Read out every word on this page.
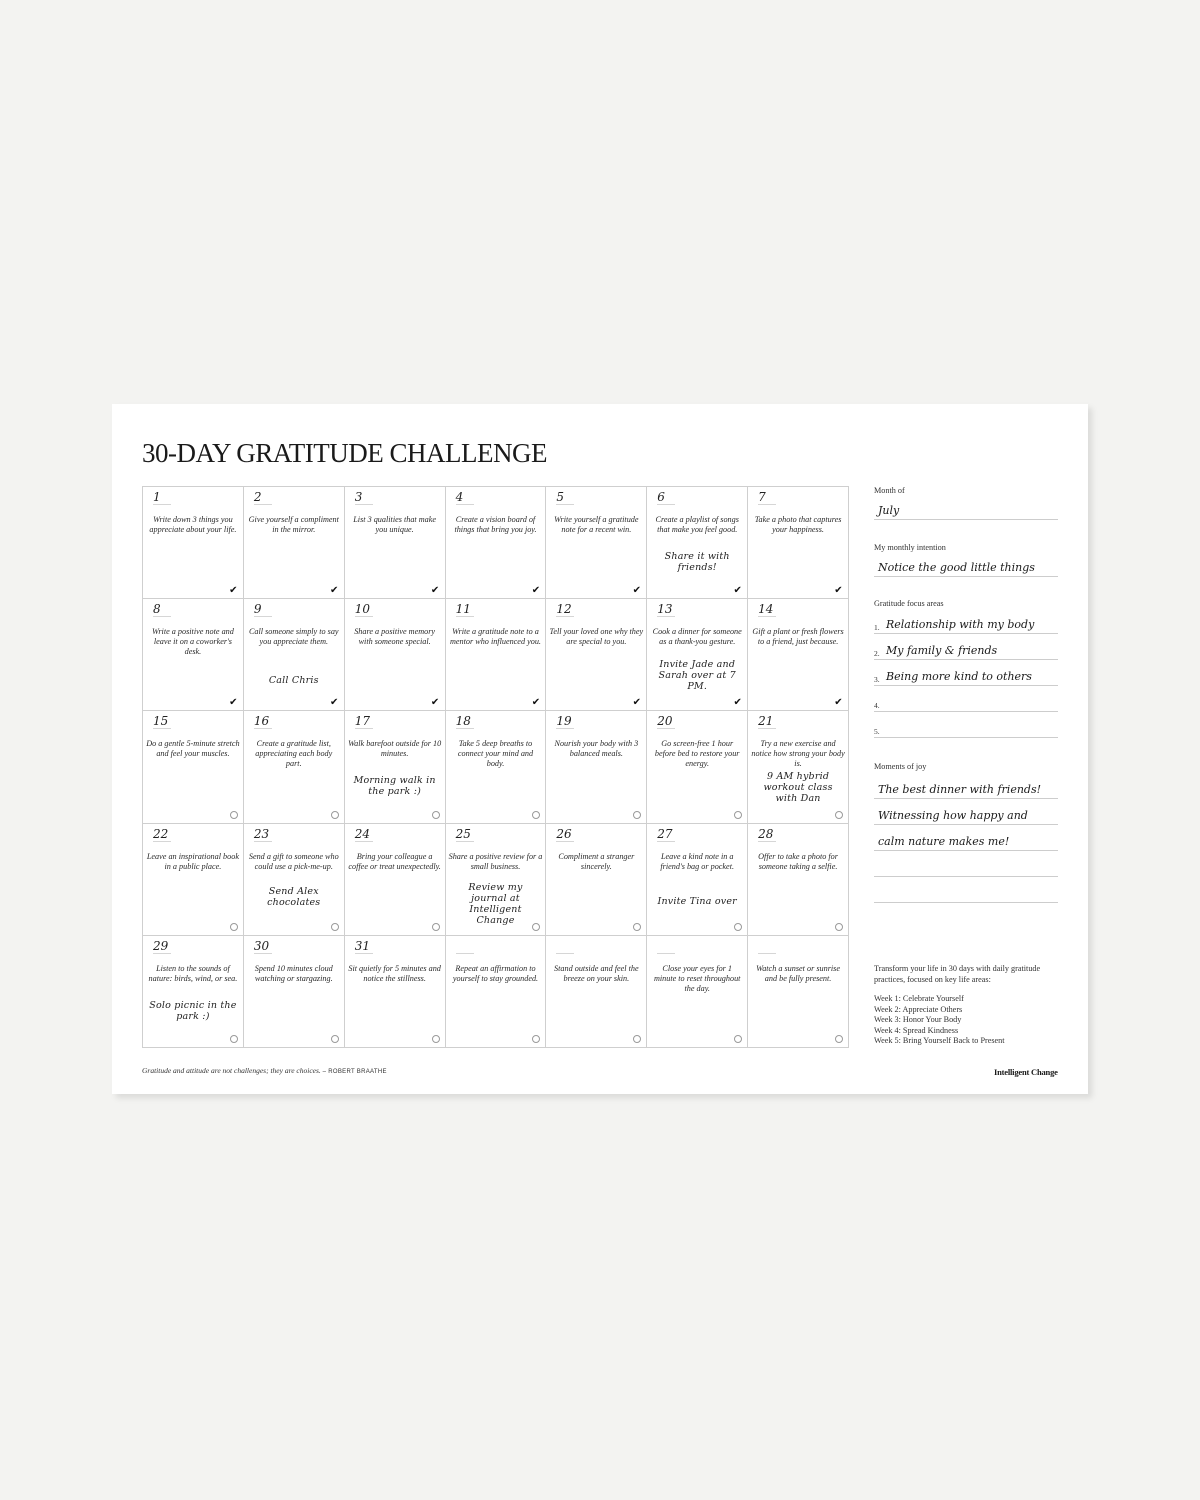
30-DAY GRATITUDE CHALLENGE
1
Write down 3 things you appreciate about your life.
✔
2
Give yourself a compliment in the mirror.
✔
3
List 3 qualities that make you unique.
✔
4
Create a vision board of things that bring you joy.
✔
5
Write yourself a gratitude note for a recent win.
✔
6
Create a playlist of songs that make you feel good.
Share it with friends!
✔
7
Take a photo that captures your happiness.
✔
8
Write a positive note and leave it on a coworker's desk.
✔
9
Call someone simply to say you appreciate them.
Call Chris
✔
10
Share a positive memory with someone special.
✔
11
Write a gratitude note to a mentor who influenced you.
✔
12
Tell your loved one why they are special to you.
✔
13
Cook a dinner for someone as a thank-you gesture.
Invite Jade and Sarah over at 7 PM.
✔
14
Gift a plant or fresh flowers to a friend, just because.
✔
15
Do a gentle 5-minute stretch and feel your muscles.
16
Create a gratitude list, appreciating each body part.
17
Walk barefoot outside for 10 minutes.
Morning walk in the park :)
18
Take 5 deep breaths to connect your mind and body.
19
Nourish your body with 3 balanced meals.
20
Go screen-free 1 hour before bed to restore your energy.
21
Try a new exercise and notice how strong your body is.
9 AM hybrid workout class with Dan
22
Leave an inspirational book in a public place.
23
Send a gift to someone who could use a pick-me-up.
Send Alex chocolates
24
Bring your colleague a coffee or treat unexpectedly.
25
Share a positive review for a small business.
Review my journal at Intelligent Change
26
Compliment a stranger sincerely.
27
Leave a kind note in a friend's bag or pocket.
Invite Tina over
28
Offer to take a photo for someone taking a selfie.
29
Listen to the sounds of nature: birds, wind, or sea.
Solo picnic in the park :)
30
Spend 10 minutes cloud watching or stargazing.
31
Sit quietly for 5 minutes and notice the stillness.
Repeat an affirmation to yourself to stay grounded.
Stand outside and feel the breeze on your skin.
Close your eyes for 1 minute to reset throughout the day.
Watch a sunset or sunrise and be fully present.
Gratitude and attitude are not challenges; they are choices. – ROBERT BRAATHE
Month of
July
My monthly intention
Notice the good little things
Gratitude focus areas
1. Relationship with my body
2. My family & friends
3. Being more kind to others
4.
5.
Moments of joy
The best dinner with friends!
Witnessing how happy and
calm nature makes me!
Transform your life in 30 days with daily gratitude practices, focused on key life areas:
Week 1: Celebrate Yourself
Week 2: Appreciate Others
Week 3: Honor Your Body
Week 4: Spread Kindness
Week 5: Bring Yourself Back to Present
Intelligent Change
